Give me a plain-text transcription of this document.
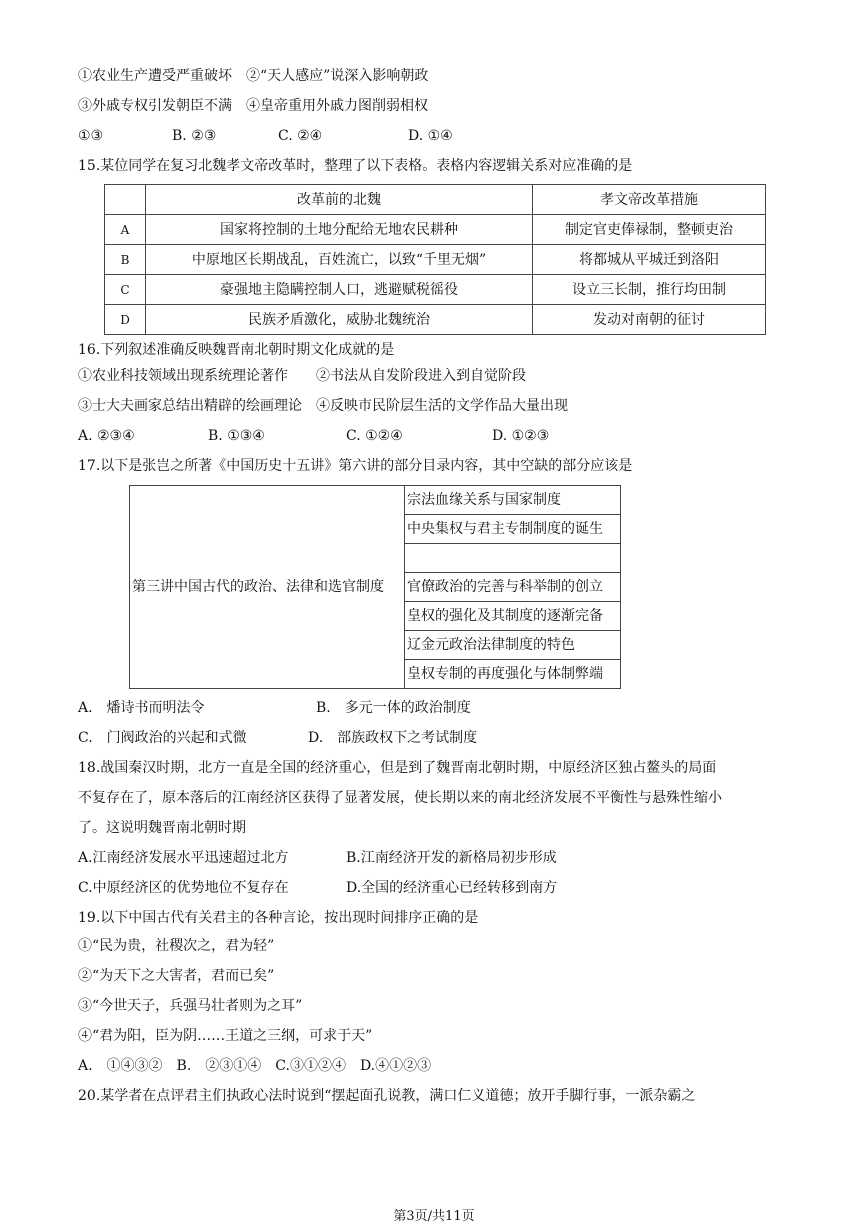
①农业生产遭受严重破坏　②“天人感应”说深入影响朝政
③外戚专权引发朝臣不满　④皇帝重用外戚力图削弱相权
①③	B. ②③	C. ②④	D. ①④
15.某位同学在复习北魏孝文帝改革时，整理了以下表格。表格内容逻辑关系对应准确的是
	改革前的北魏	孝文帝改革措施
A	国家将控制的土地分配给无地农民耕种	制定官吏俸禄制，整顿吏治
B	中原地区长期战乱，百姓流亡，以致“千里无烟”	将都城从平城迁到洛阳
C	豪强地主隐瞒控制人口，逃避赋税徭役	设立三长制，推行均田制
D	民族矛盾激化，威胁北魏统治	发动对南朝的征讨
16.下列叙述准确反映魏晋南北朝时期文化成就的是
①农业科技领域出现系统理论著作　　②书法从自发阶段进入到自觉阶段
③士大夫画家总结出精辟的绘画理论　④反映市民阶层生活的文学作品大量出现
A. ②③④	B. ①③④	C. ①②④	D. ①②③
17.以下是张岂之所著《中国历史十五讲》第六讲的部分目录内容，其中空缺的部分应该是
第三讲中国古代的政治、法律和选官制度	宗法血缘关系与国家制度
中央集权与君主专制制度的诞生

官僚政治的完善与科举制的创立
皇权的强化及其制度的逐渐完备
辽金元政治法律制度的特色
皇权专制的再度强化与体制弊端
A.　燔诗书而明法令	B.　多元一体的政治制度
C.　门阀政治的兴起和式微	D.　部族政权下之考试制度
18.战国秦汉时期，北方一直是全国的经济重心，但是到了魏晋南北朝时期，中原经济区独占鳌头的局面
不复存在了，原本落后的江南经济区获得了显著发展，使长期以来的南北经济发展不平衡性与悬殊性缩小
了。这说明魏晋南北朝时期
A.江南经济发展水平迅速超过北方	B.江南经济开发的新格局初步形成
C.中原经济区的优势地位不复存在	D.全国的经济重心已经转移到南方
19.以下中国古代有关君主的各种言论，按出现时间排序正确的是
①“民为贵，社稷次之，君为轻”
②“为天下之大害者，君而已矣”
③“今世天子，兵强马壮者则为之耳”
④“君为阳，臣为阴……王道之三纲，可求于天”
A.　①④③②　B.　②③①④　C.③①②④　D.④①②③
20.某学者在点评君主们执政心法时说到“摆起面孔说教，满口仁义道德；放开手脚行事，一派杂霸之
第3页/共11页
